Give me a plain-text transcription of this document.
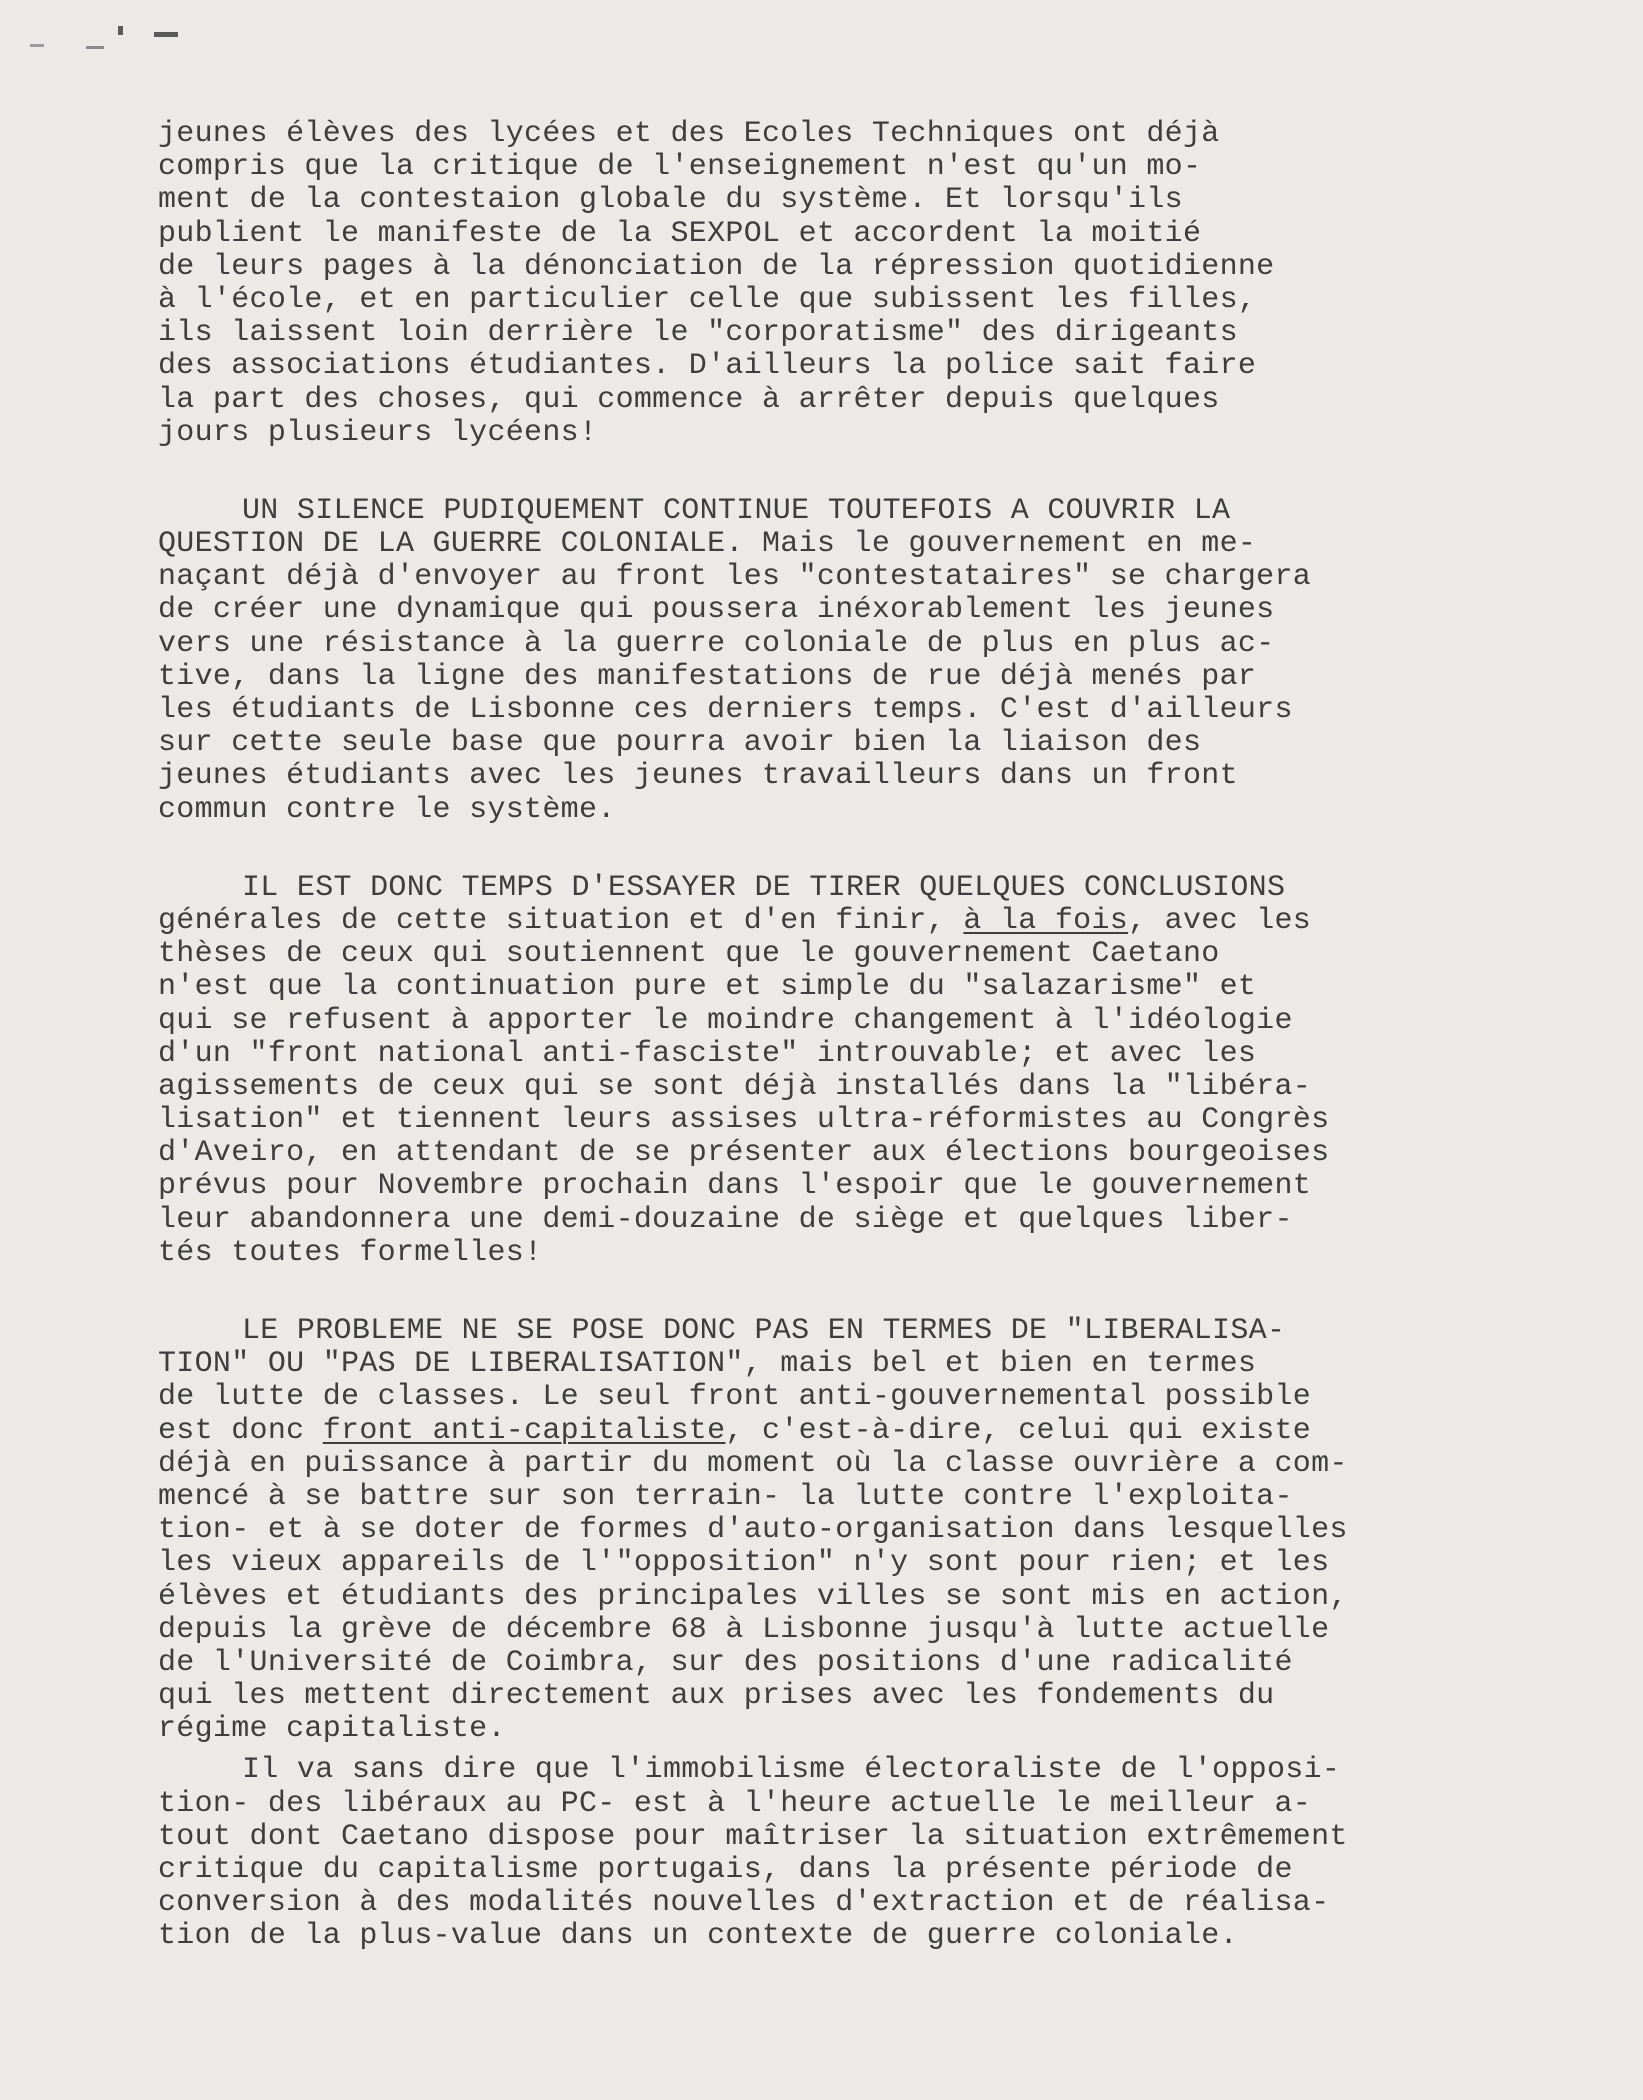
jeunes élèves des lycées et des Ecoles Techniques ont déjà
compris que la critique de l'enseignement n'est qu'un mo-
ment de la contestaion globale du système. Et lorsqu'ils
publient le manifeste de la SEXPOL et accordent la moitié
de leurs pages à la dénonciation de la répression quotidienne
à l'école, et en particulier celle que subissent les filles,
ils laissent loin derrière le "corporatisme" des dirigeants
des associations étudiantes. D'ailleurs la police sait faire
la part des choses, qui commence à arrêter depuis quelques
jours plusieurs lycéens!
UN SILENCE PUDIQUEMENT CONTINUE TOUTEFOIS A COUVRIR LA
QUESTION DE LA GUERRE COLONIALE. Mais le gouvernement en me-
naçant déjà d'envoyer au front les "contestataires" se chargera
de créer une dynamique qui poussera inéxorablement les jeunes
vers une résistance à la guerre coloniale de plus en plus ac-
tive, dans la ligne des manifestations de rue déjà menés par
les étudiants de Lisbonne ces derniers temps. C'est d'ailleurs
sur cette seule base que pourra avoir bien la liaison des
jeunes étudiants avec les jeunes travailleurs dans un front
commun contre le système.
IL EST DONC TEMPS D'ESSAYER DE TIRER QUELQUES CONCLUSIONS
générales de cette situation et d'en finir, à la fois, avec les
thèses de ceux qui soutiennent que le gouvernement Caetano
n'est que la continuation pure et simple du "salazarisme" et
qui se refusent à apporter le moindre changement à l'idéologie
d'un "front national anti-fasciste" introuvable; et avec les
agissements de ceux qui se sont déjà installés dans la "libéra-
lisation" et tiennent leurs assises ultra-réformistes au Congrès
d'Aveiro, en attendant de se présenter aux élections bourgeoises
prévus pour Novembre prochain dans l'espoir que le gouvernement
leur abandonnera une demi-douzaine de siège et quelques liber-
tés toutes formelles!
LE PROBLEME NE SE POSE DONC PAS EN TERMES DE "LIBERALISA-
TION" OU "PAS DE LIBERALISATION", mais bel et bien en termes
de lutte de classes. Le seul front anti-gouvernemental possible
est donc front anti-capitaliste, c'est-à-dire, celui qui existe
déjà en puissance à partir du moment où la classe ouvrière a com-
mencé à se battre sur son terrain- la lutte contre l'exploita-
tion- et à se doter de formes d'auto-organisation dans lesquelles
les vieux appareils de l'"opposition" n'y sont pour rien; et les
élèves et étudiants des principales villes se sont mis en action,
depuis la grève de décembre 68 à Lisbonne jusqu'à lutte actuelle
de l'Université de Coimbra, sur des positions d'une radicalité
qui les mettent directement aux prises avec les fondements du
régime capitaliste.
Il va sans dire que l'immobilisme électoraliste de l'opposi-
tion- des libéraux au PC- est à l'heure actuelle le meilleur a-
tout dont Caetano dispose pour maîtriser la situation extrêmement
critique du capitalisme portugais, dans la présente période de
conversion à des modalités nouvelles d'extraction et de réalisa-
tion de la plus-value dans un contexte de guerre coloniale.
